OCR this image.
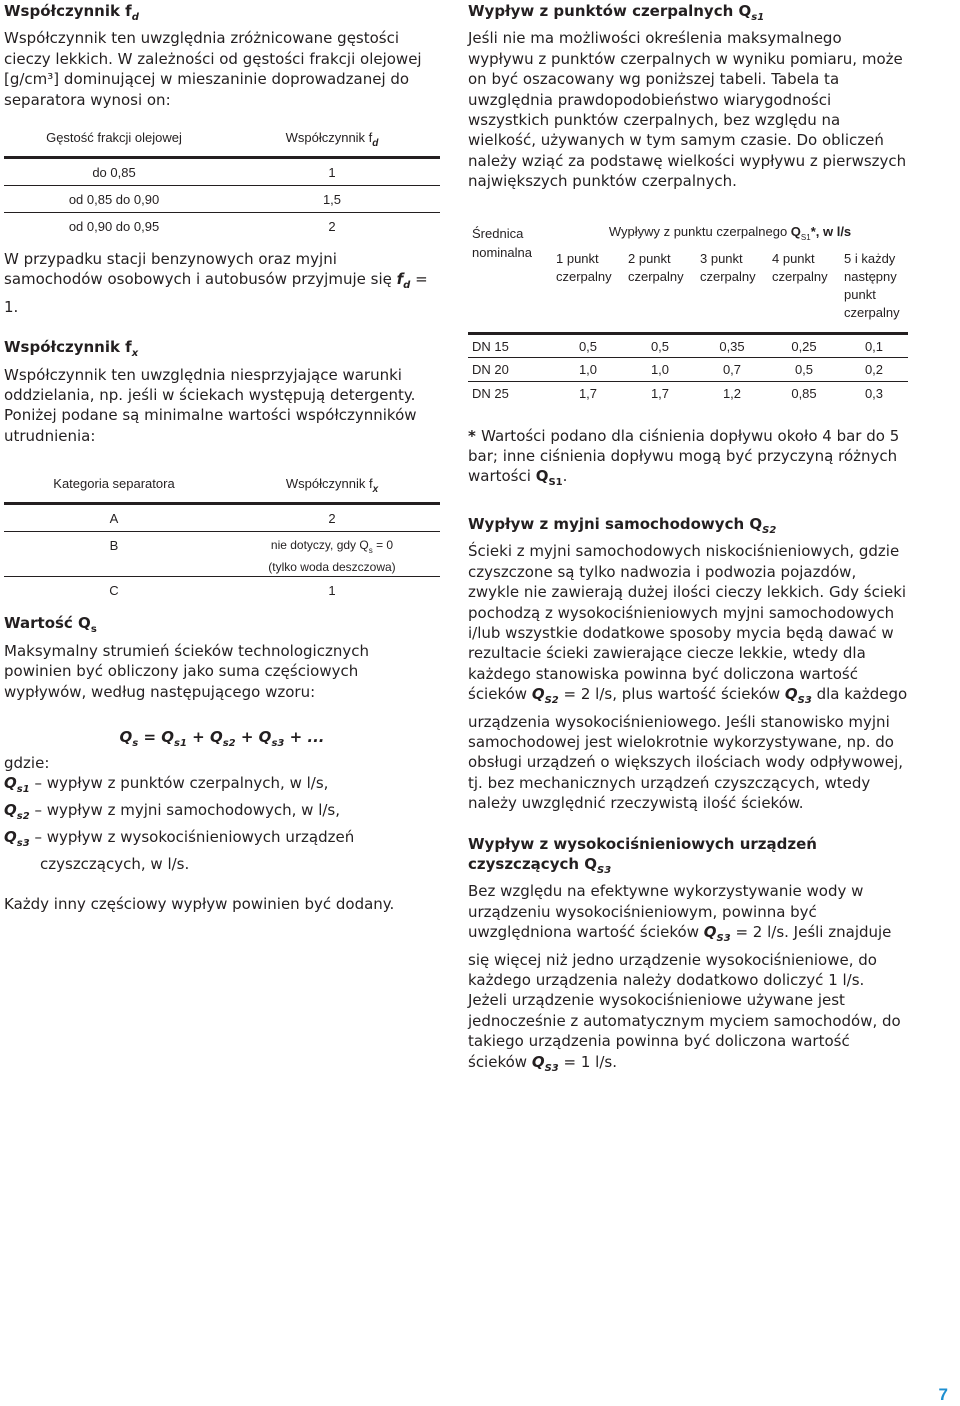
Współczynnik $f_d$

Współczynnik ten uwzględnia zróżnicowane gęstości cieczy lekkich. W zależności od gęstości frakcji olejowej [g/cm³] dominującej w mieszaninie doprowadzanej do separatora wynosi on:

Gęstość frakcji olejowej	Współczynnik $f_d$
do 0,85	1
od 0,85 do 0,90	1,5
od 0,90 do 0,95	2

W przypadku stacji benzynowych oraz myjni samochodów osobowych i autobusów przyjmuje się $f_d = 1$.

Współczynnik $f_x$

Współczynnik ten uwzględnia niesprzyjające warunki oddzielania, np. jeśli w ściekach występują detergenty. Poniżej podane są minimalne wartości współczynników utrudnienia:

Kategoria separatora	Współczynnik $f_x$
A	2
B	nie dotyczy, gdy $Q_s = 0$
(tylko woda deszczowa)
C	1

Wartość $Q_s$

Maksymalny strumień ścieków technologicznych powinien być obliczony jako suma częściowych wypływów, według następującego wzoru:

$Q_s = Q_{s1} + Q_{s2} + Q_{s3}$ + ...

gdzie:

$Q_{s1}$ – wypływ z punktów czerpalnych, w l/s,

$Q_{s2}$ – wypływ z myjni samochodowych, w l/s,

$Q_{s3}$ – wypływ z wysokociśnieniowych urządzeń

czyszczących, w l/s.

Każdy inny częściowy wypływ powinien być dodany.

Wypływ z punktów czerpalnych $Q_{s1}$

Jeśli nie ma możliwości określenia maksymalnego wypływu z punktów czerpalnych w wyniku pomiaru, może on być oszacowany wg poniższej tabeli. Tabela ta uwzględnia prawdopodobieństwo wiarygodności wszystkich punktów czerpalnych, bez względu na wielkość, używanych w tym samym czasie. Do obliczeń należy wziąć za podstawę wielkości wypływu z pierwszych największych punktów czerpalnych.

Średnica nominalna	Wypływy z punktu czerpalnego $Q_{S1}*$, w l/s				
	1 punkt czerpalny	2 punkt czerpalny	3 punkt czerpalny	4 punkt czerpalny	5 i każdy następny punkt czerpalny
DN 15	0,5	0,5	0,35	0,25	0,1
DN 20	1,0	1,0	0,7	0,5	0,2
DN 25	1,7	1,7	1,2	0,85	0,3

* Wartości podano dla ciśnienia dopływu około 4 bar do 5 bar; inne ciśnienia dopływu mogą być przyczyną różnych wartości $Q_{S1}$.

Wypływ z myjni samochodowych $Q_{S2}$

Ścieki z myjni samochodowych niskociśnieniowych, gdzie czyszczone są tylko nadwozia i podwozia pojazdów, zwykle nie zawierają dużej ilości cieczy lekkich. Gdy ścieki pochodzą z wysokociśnieniowych myjni samochodowych i/lub wszystkie dodatkowe sposoby mycia będą dawać w rezultacie ścieki zawierające ciecze lekkie, wtedy dla każdego stanowiska powinna być doliczona wartość ścieków $Q_{S2} = 2$ l/s, plus wartość ścieków $Q_{S3}$ dla każdego urządzenia wysokociśnieniowego. Jeśli stanowisko myjni samochodowej jest wielokrotnie wykorzystywane, np. do obsługi urządzeń o większych ilościach wody odpływowej, tj. bez mechanicznych urządzeń czyszczących, wtedy należy uwzględnić rzeczywistą ilość ścieków.

Wypływ z wysokociśnieniowych urządzeń
czyszczących $Q_{S3}$

Bez względu na efektywne wykorzystywanie wody w urządzeniu wysokociśnieniowym, powinna być uwzględniona wartość ścieków $Q_{S3} = 2$ l/s. Jeśli znajduje się więcej niż jedno urządzenie wysokociśnieniowe, do każdego urządzenia należy dodatkowo doliczyć 1 l/s. Jeżeli urządzenie wysokociśnieniowe używane jest jednocześnie z automatycznym myciem samochodów, do takiego urządzenia powinna być doliczona wartość ścieków $Q_{S3} = 1$ l/s.

7
